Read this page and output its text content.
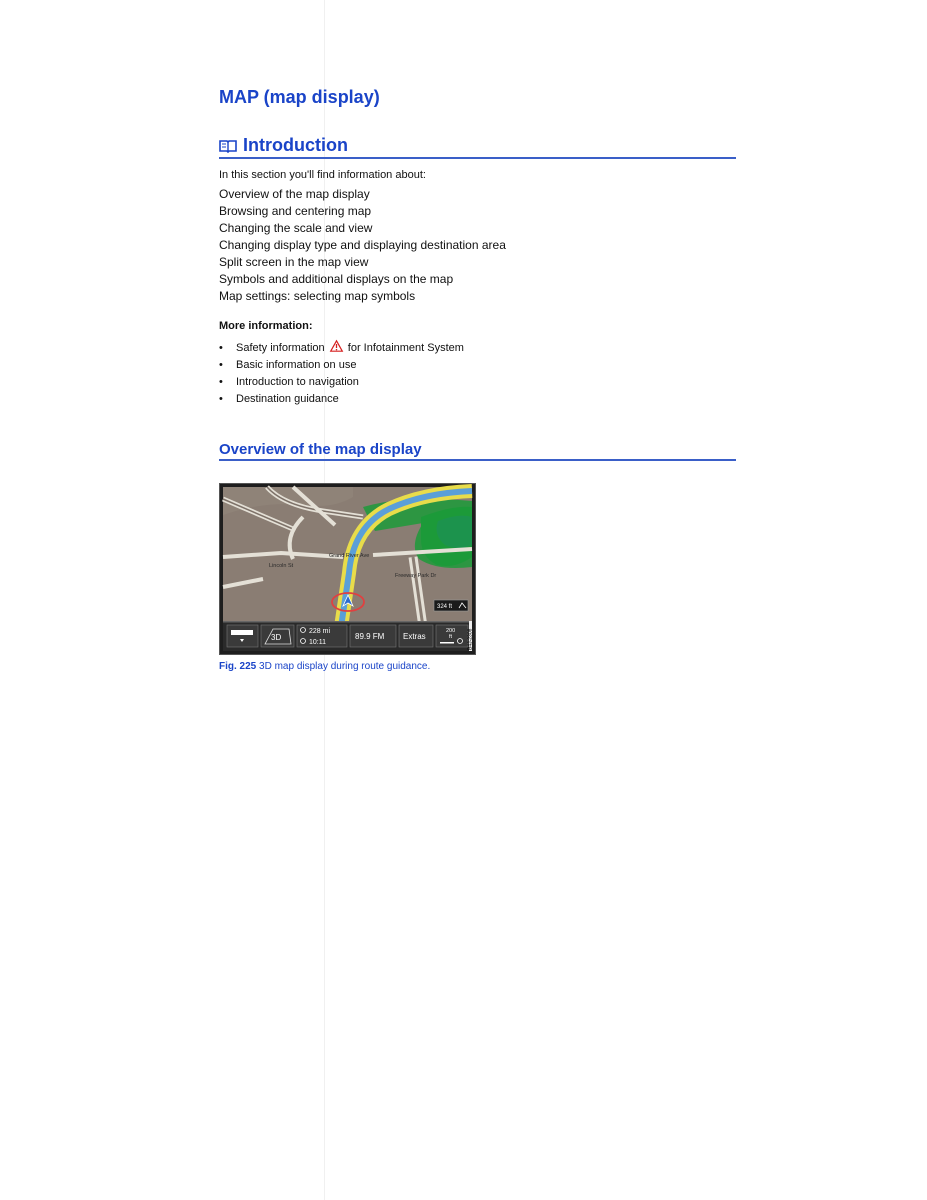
MAP (map display)
Introduction

In this section you'll find information about:

Overview of the map display
Browsing and centering map
Changing the scale and view
Changing display type and displaying destination area
Split screen in the map view
Symbols and additional displays on the map
Map settings: selecting map symbols

More information:

• Safety information for Infotainment System
• Basic information on use
• Introduction to navigation
• Destination guidance
Overview of the map display
Grand River Ave
Lincoln St
Freeway Park Dr
324 ft
3D
228 mi
10:11
89.9 FM Extras
200
ft	B4J-2308

Fig. 225 3D map display during route guidance.
